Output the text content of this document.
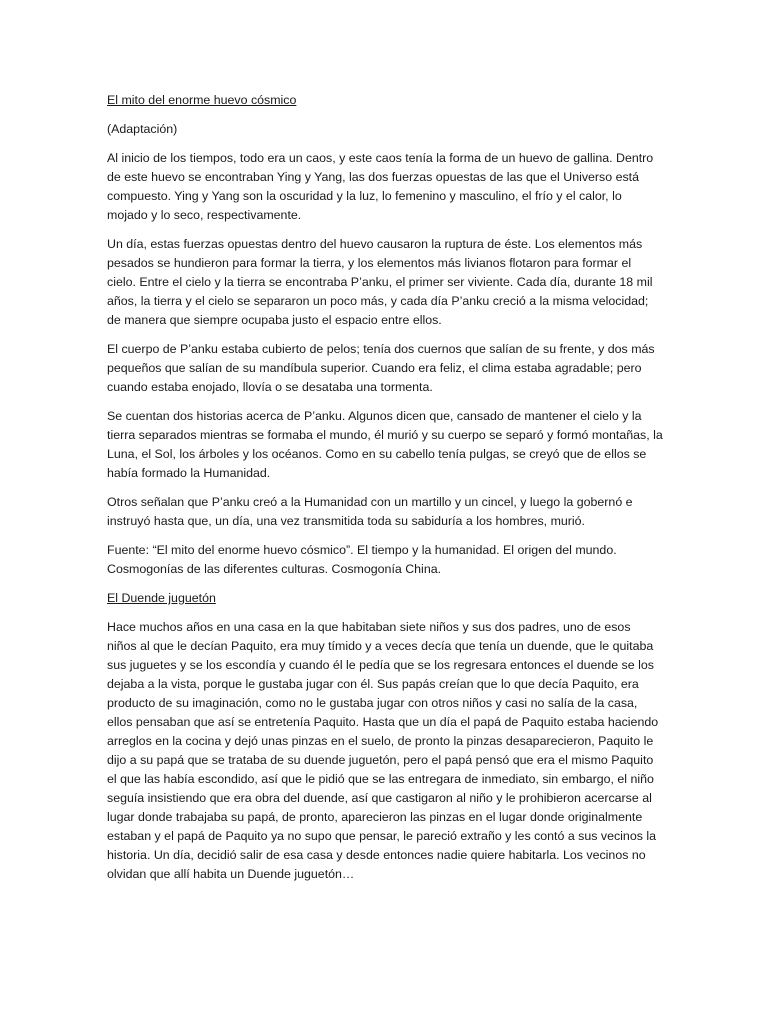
El mito del enorme huevo cósmico

(Adaptación)

Al inicio de los tiempos, todo era un caos, y este caos tenía la forma de un huevo de gallina. Dentro de este huevo se encontraban Ying y Yang, las dos fuerzas opuestas de las que el Universo está compuesto. Ying y Yang son la oscuridad y la luz, lo femenino y masculino, el frío y el calor, lo mojado y lo seco, respectivamente.

Un día, estas fuerzas opuestas dentro del huevo causaron la ruptura de éste. Los elementos más pesados se hundieron para formar la tierra, y los elementos más livianos flotaron para formar el cielo. Entre el cielo y la tierra se encontraba P’anku, el primer ser viviente. Cada día, durante 18 mil años, la tierra y el cielo se separaron un poco más, y cada día P’anku creció a la misma velocidad; de manera que siempre ocupaba justo el espacio entre ellos.

El cuerpo de P’anku estaba cubierto de pelos; tenía dos cuernos que salían de su frente, y dos más pequeños que salían de su mandíbula superior. Cuando era feliz, el clima estaba agradable; pero cuando estaba enojado, llovía o se desataba una tormenta.

Se cuentan dos historias acerca de P’anku. Algunos dicen que, cansado de mantener el cielo y la tierra separados mientras se formaba el mundo, él murió y su cuerpo se separó y formó montañas, la Luna, el Sol, los árboles y los océanos. Como en su cabello tenía pulgas, se creyó que de ellos se había formado la Humanidad.

Otros señalan que P’anku creó a la Humanidad con un martillo y un cincel, y luego la gobernó e instruyó hasta que, un día, una vez transmitida toda su sabiduría a los hombres, murió.

Fuente: “El mito del enorme huevo cósmico”. El tiempo y la humanidad. El origen del mundo. Cosmogonías de las diferentes culturas. Cosmogonía China.

El Duende juguetón

Hace muchos años en una casa en la que habitaban siete niños y sus dos padres, uno de esos niños al que le decían Paquito, era muy tímido y a veces decía que tenía un duende, que le quitaba sus juguetes y se los escondía y cuando él le pedía que se los regresara entonces el duende se los dejaba a la vista, porque le gustaba jugar con él. Sus papás creían que lo que decía Paquito, era producto de su imaginación, como no le gustaba jugar con otros niños y casi no salía de la casa, ellos pensaban que así se entretenía Paquito. Hasta que un día el papá de Paquito estaba haciendo arreglos en la cocina y dejó unas pinzas en el suelo, de pronto la pinzas desaparecieron, Paquito le dijo a su papá que se trataba de su duende juguetón, pero el papá pensó que era el mismo Paquito el que las había escondido, así que le pidió que se las entregara de inmediato, sin embargo, el niño seguía insistiendo que era obra del duende, así que castigaron al niño y le prohibieron acercarse al lugar donde trabajaba su papá, de pronto, aparecieron las pinzas en el lugar donde originalmente estaban y el papá de Paquito ya no supo que pensar, le pareció extraño y les contó a sus vecinos la historia. Un día, decidió salir de esa casa y desde entonces nadie quiere habitarla. Los vecinos no olvidan que allí habita un Duende juguetón…
